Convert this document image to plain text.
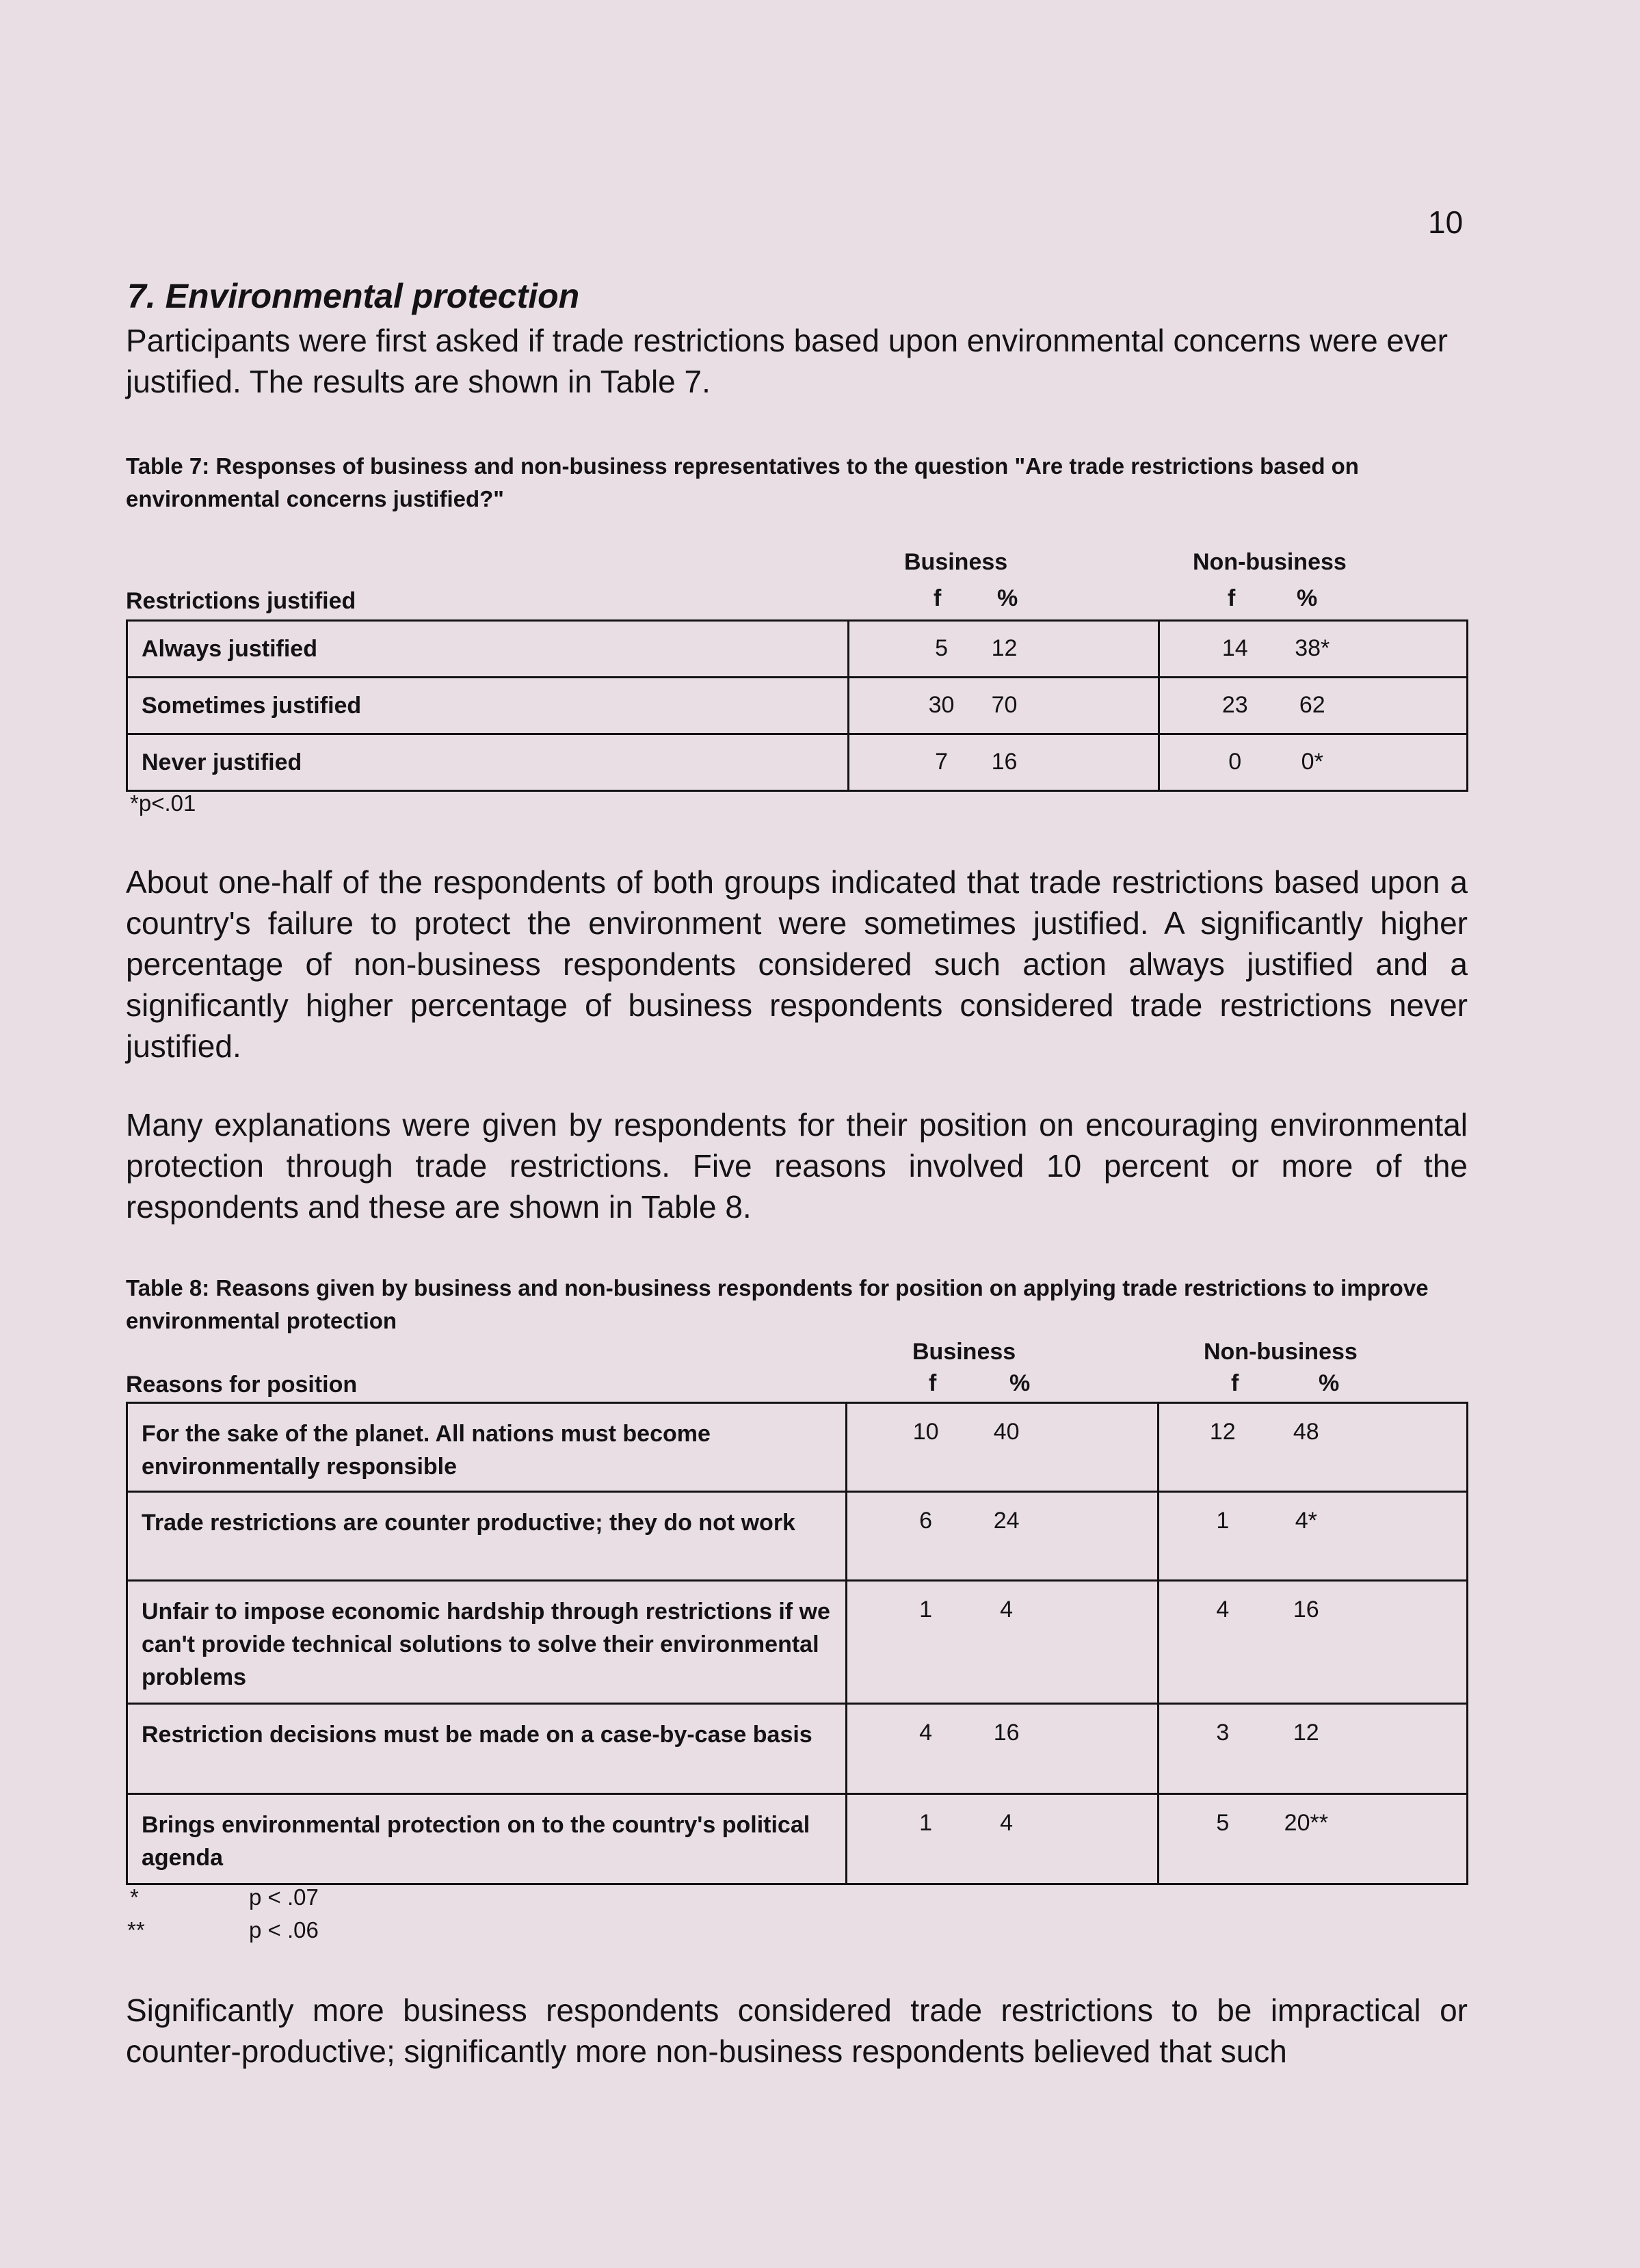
10
7. Environmental protection

Participants were first asked if trade restrictions based upon environmental concerns were ever justified. The results are shown in Table 7.

Table 7: Responses of business and non-business representatives to the question "Are trade restrictions based on environmental concerns justified?"

Business	Non-business
Restrictions justified	f %	f	%
Always justified	5 12	14 38*

Sometimes justified	30 70	23 62

Never justified	7 16	0 0*
*p<.01

About one-half of the respondents of both groups indicated that trade restrictions based upon a country's failure to protect the environment were sometimes justified. A significantly higher percentage of non-business respondents considered such action always justified and a significantly higher percentage of business respondents considered trade restrictions never justified.

Many explanations were given by respondents for their position on encouraging environmental protection through trade restrictions. Five reasons involved 10 percent or more of the respondents and these are shown in Table 8.

Table 8: Reasons given by business and non-business respondents for position on applying trade restrictions to improve environmental protection

Business	Non-business
Reasons for position	f	%	f	%
For the sake of the planet. All nations must become environmentally responsible	10 40	12 48

Trade restrictions are counter productive; they do not work	6 24	1 4*

Unfair to impose economic hardship through restrictions if we can't provide technical solutions to solve their environmental problems	1 4	4 16

Restriction decisions must be made on a case-by-case basis	4 16	3 12

Brings environmental protection on to the country's political agenda	1 4	5 20**
*	p < .07
**	p < .06

Significantly more business respondents considered trade restrictions to be impractical or counter-productive; significantly more non-business respondents believed that such
